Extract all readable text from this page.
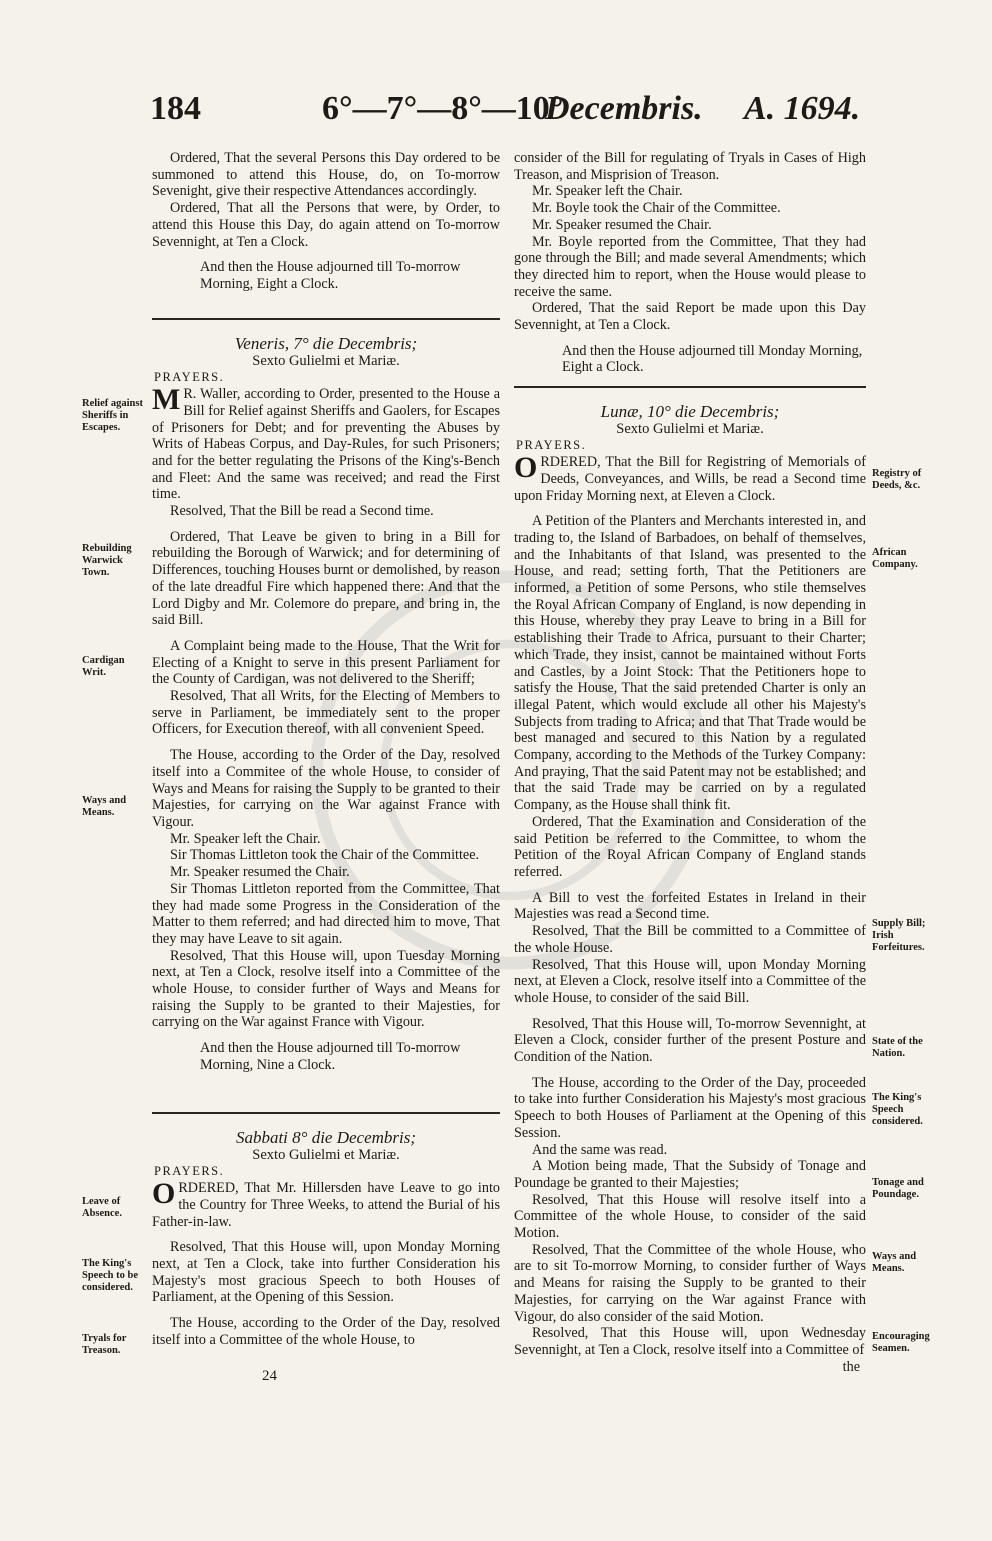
184	6°—7°—8°—10°
Decembris. A. 1694.

Ordered, That the several Persons this Day ordered to be summoned to attend this House, do, on To-morrow Sevenight, give their respective Attendances accordingly.

Ordered, That all the Persons that were, by Order, to attend this House this Day, do again attend on To-morrow Sevennight, at Ten a Clock.

And then the House adjourned till To-morrow Morning, Eight a Clock.

Veneris, 7° die Decembris;

Sexto Gulielmi et Mariæ.

PRAYERS.

M R. Waller, according to Order, presented to the House a Bill for Relief against Sheriffs and Gaolers, for Escapes of Prisoners for Debt; and for preventing the Abuses by Writs of Habeas Corpus, and Day-Rules, for such Prisoners; and for the better regulating the Prisons of the King's-Bench and Fleet: And the same was received; and read the First time.

Resolved, That the Bill be read a Second time.

Ordered, That Leave be given to bring in a Bill for rebuilding the Borough of Warwick; and for determining of Differences, touching Houses burnt or demolished, by reason of the late dreadful Fire which happened there: And that the Lord Digby and Mr. Colemore do prepare, and bring in, the said Bill.

A Complaint being made to the House, That the Writ for Electing of a Knight to serve in this present Parliament for the County of Cardigan, was not delivered to the Sheriff;

Resolved, That all Writs, for the Electing of Members to serve in Parliament, be immediately sent to the proper Officers, for Execution thereof, with all convenient Speed.

The House, according to the Order of the Day, resolved itself into a Commitee of the whole House, to consider of Ways and Means for raising the Supply to be granted to their Majesties, for carrying on the War against France with Vigour.

Mr. Speaker left the Chair.

Sir Thomas Littleton took the Chair of the Committee.

Mr. Speaker resumed the Chair.

Sir Thomas Littleton reported from the Committee, That they had made some Progress in the Consideration of the Matter to them referred; and had directed him to move, That they may have Leave to sit again.

Resolved, That this House will, upon Tuesday Morning next, at Ten a Clock, resolve itself into a Committee of the whole House, to consider further of Ways and Means for raising the Supply to be granted to their Majesties, for carrying on the War against France with Vigour.

And then the House adjourned till To-morrow Morning, Nine a Clock.

Sabbati 8° die Decembris;

Sexto Gulielmi et Mariæ.

PRAYERS.

ORDERED, That Mr. Hillersden have Leave to go into the Country for Three Weeks, to attend the Burial of his Father-in-law.

Resolved, That this House will, upon Monday Morning next, at Ten a Clock, take into further Consideration his Majesty's most gracious Speech to both Houses of Parliament, at the Opening of this Session.

The House, according to the Order of the Day, resolved itself into a Committee of the whole House, to

24

consider of the Bill for regulating of Tryals in Cases of High Treason, and Misprision of Treason.

Mr. Speaker left the Chair.

Mr. Boyle took the Chair of the Committee.

Mr. Speaker resumed the Chair.

Mr. Boyle reported from the Committee, That they had gone through the Bill; and made several Amendments; which they directed him to report, when the House would please to receive the same.

Ordered, That the said Report be made upon this Day Sevennight, at Ten a Clock.

And then the House adjourned till Monday Morning, Eight a Clock.

Lunæ, 10° die Decembris;

Sexto Gulielmi et Mariæ.

PRAYERS.

ORDERED, That the Bill for Registring of Memorials of Deeds, Conveyances, and Wills, be read a Second time upon Friday Morning next, at Eleven a Clock.

A Petition of the Planters and Merchants interested in, and trading to, the Island of Barbadoes, on behalf of themselves, and the Inhabitants of that Island, was presented to the House, and read; setting forth, That the Petitioners are informed, a Petition of some Persons, who stile themselves the Royal African Company of England, is now depending in this House, whereby they pray Leave to bring in a Bill for establishing their Trade to Africa, pursuant to their Charter; which Trade, they insist, cannot be maintained without Forts and Castles, by a Joint Stock: That the Petitioners hope to satisfy the House, That the said pretended Charter is only an illegal Patent, which would exclude all other his Majesty's Subjects from trading to Africa; and that That Trade would be best managed and secured to this Nation by a regulated Company, according to the Methods of the Turkey Company: And praying, That the said Patent may not be established; and that the said Trade may be carried on by a regulated Company, as the House shall think fit.

Ordered, That the Examination and Consideration of the said Petition be referred to the Committee, to whom the Petition of the Royal African Company of England stands referred.

A Bill to vest the forfeited Estates in Ireland in their Majesties was read a Second time.

Resolved, That the Bill be committed to a Committee of the whole House.

Resolved, That this House will, upon Monday Morning next, at Eleven a Clock, resolve itself into a Committee of the whole House, to consider of the said Bill.

Resolved, That this House will, To-morrow Sevennight, at Eleven a Clock, consider further of the present Posture and Condition of the Nation.

The House, according to the Order of the Day, proceeded to take into further Consideration his Majesty's most gracious Speech to both Houses of Parliament at the Opening of this Session.

And the same was read.

A Motion being made, That the Subsidy of Tonage and Poundage be granted to their Majesties;

Resolved, That this House will resolve itself into a Committee of the whole House, to consider of the said Motion.

Resolved, That the Committee of the whole House, who are to sit To-morrow Morning, to consider further of Ways and Means for raising the Supply to be granted to their Majesties, for carrying on the War against France with Vigour, do also consider of the said Motion.

Resolved, That this House will, upon Wednesday Sevennight, at Ten a Clock, resolve itself into a Committee of

the

Relief against Sheriffs in Escapes.
Rebuilding Warwick Town.
Cardigan Writ.
Ways and Means.
Leave of Absence.
The King's Speech to be considered.
Tryals for Treason.
Registry of Deeds, &c.
African Company.
Supply Bill; Irish Forfeitures.
State of the Nation.
The King's Speech considered.
Tonage and Poundage.
Ways and Means.
Encouraging Seamen.
